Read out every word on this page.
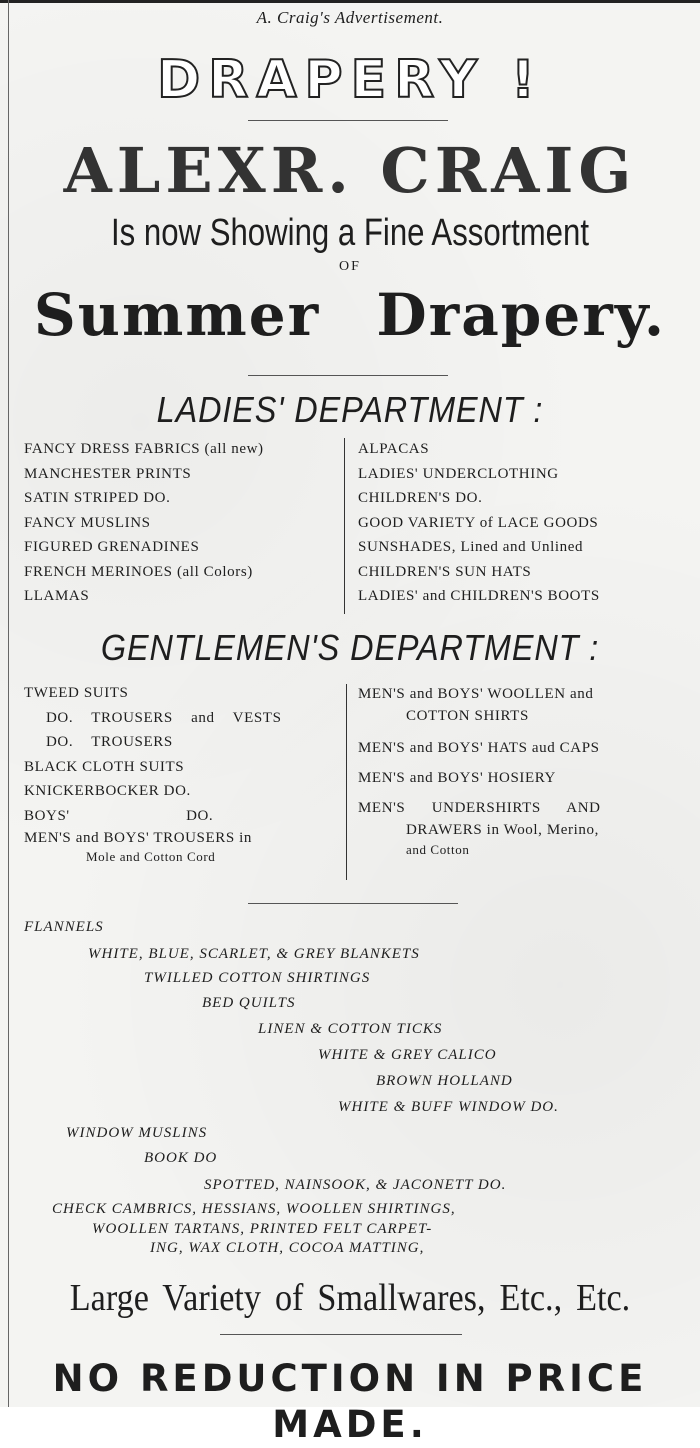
A. Craig's Advertisement.
DRAPERY !
ALEXR. CRAIG
Is now Showing a Fine Assortment
OF
Summer Drapery.
LADIES' DEPARTMENT :
FANCY DRESS FABRICS (all new)
MANCHESTER PRINTS
SATIN STRIPED DO.
FANCY MUSLINS
FIGURED GRENADINES
FRENCH MERINOES (all Colors)
LLAMAS
ALPACAS
LADIES' UNDERCLOTHING
CHILDREN'S DO.
GOOD VARIETY of LACE GOODS
SUNSHADES, Lined and Unlined
CHILDREN'S SUN HATS
LADIES' and CHILDREN'S BOOTS
GENTLEMEN'S DEPARTMENT :
TWEED SUITS
DO. TROUSERS and VESTS
DO. TROUSERS
BLACK CLOTH SUITS
KNICKERBOCKER DO.
BOYS' DO.
MEN'S and BOYS' TROUSERS in
Mole and Cotton Cord
MEN'S and BOYS' WOOLLEN and
COTTON SHIRTS
MEN'S and BOYS' HATS aud CAPS
MEN'S and BOYS' HOSIERY
MEN'S UNDERSHIRTS AND
DRAWERS in Wool, Merino,
and Cotton
FLANNELS
WHITE, BLUE, SCARLET, & GREY BLANKETS
TWILLED COTTON SHIRTINGS
BED QUILTS
LINEN & COTTON TICKS
WHITE & GREY CALICO
BROWN HOLLAND
WHITE & BUFF WINDOW DO.
WINDOW MUSLINS
BOOK DO
SPOTTED, NAINSOOK, & JACONETT DO.
CHECK CAMBRICS, HESSIANS, WOOLLEN SHIRTINGS,
WOOLLEN TARTANS, PRINTED FELT CARPET-
ING, WAX CLOTH, COCOA MATTING,
Large Variety of Smallwares, Etc., Etc.
NO REDUCTION IN PRICE MADE.
